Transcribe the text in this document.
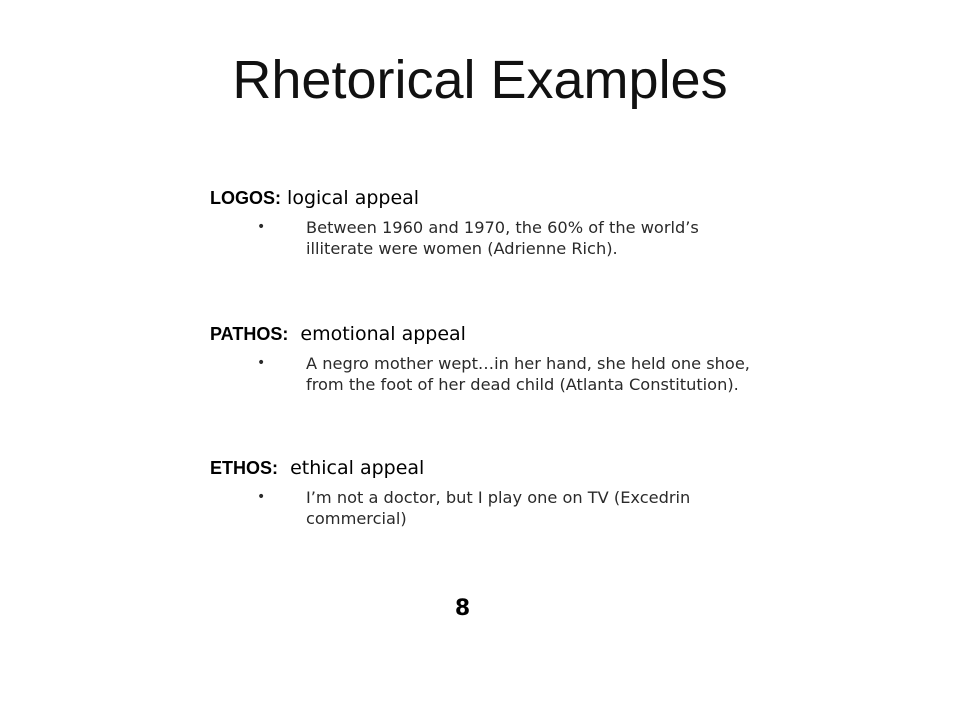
Rhetorical Examples
LOGOS: logical appeal
•	Between 1960 and 1970, the 60% of the world’s illiterate were women (Adrienne Rich).
PATHOS:  emotional appeal
•	A negro mother wept…in her hand, she held one shoe, from the foot of her dead child (Atlanta Constitution).
ETHOS:  ethical appeal
•	I’m not a doctor, but I play one on TV (Excedrin commercial)
8
